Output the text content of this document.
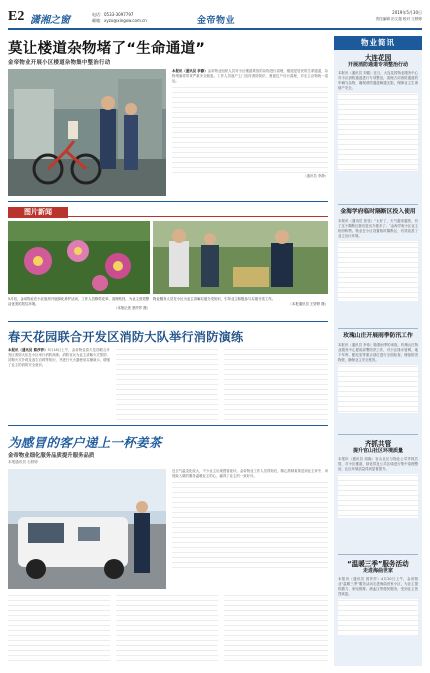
E2 潇湘之窗
电话：0533-3097797
邮箱：xyzx@xingxw.com.cn	金帝物业
2019年5月30日
责任编辑 田文超 校对 王婷婷
莫让楼道杂物堵了“生命通道”
金帝物业开展小区楼道杂物集中整治行动
本报讯（通讯员 李静）金帝物业组织人员对小区楼道堆放的杂物进行清理，楼道是居民的生命通道，杂物堵塞将带来严重安全隐患。工作人员逐户上门宣传消防知识，督促住户自行清理，对无主杂物统一清运。
（通讯员 李静）
图片新闻
5月初，金帝物业在小区组织开展绿化养护活动，工作人员修剪花草、清理枯枝，为业主营造整洁优美的居住环境。
（本报记者 蔡莎莎 摄）
物业服务人员在小区为业主讲解垃圾分类知识，引导业主积极参与垃圾分类工作。
（本报通讯员 王婷婷 摄）
春天花园联合开发区消防大队举行消防演练
本报讯（通讯员 蔡莎莎）5月18日上午，金帝物业春天花园联合开发区消防大队在小区举行消防演练。消防官兵为业主讲解火灾预防、初期火灾扑救及逃生自救等知识，并进行灭火器使用实操演示，增强了业主的消防安全意识。
为感冒的客户递上一杯姜茶
金帝物业细化服务品质提升服务品质
本报通讯员 石婷婷
近日气温变化较大，不少业主出现感冒症状。金帝物业工作人员得知后，精心熬制姜茶送到业主家中，用细致入微的服务温暖业主的心，赢得了业主的一致好评。
物业简讯
大连花园
开展消防通道专项整治行动
本报讯（通讯员 刘健）近日，大连花园物业服务中心对小区消防通道进行专项整治，清理占用消防通道的车辆与杂物，确保消防通道畅通无阻，保障业主生命财产安全。
金海学府临时隔断区投入使用
本报讯（通讯员 张莹）“太好了，天气越来越热，有了这个隔断区我们进出方便多了。”金海学府小区业主纷纷称赞。物业在小区设置临时隔断区，有效改善了业主出行环境。
玫瑰山庄开展雨季防汛工作
本报讯（通讯员 李伟）随着雨季的来临，玫瑰山庄物业服务中心提前部署防汛工作，对小区排水管网、地下车库、配电室等重点部位进行全面检查，储备防汛物资，确保业主安全度汛。
齐抓共管
提升官山社区环境质量
本报讯（通讯员 周晓）官山社区与物业公司齐抓共管，对小区楼道、绿化带及公共区域进行集中清理整治，社区环境质量得到显著提升。
“温暖三季”服务活动
走进海曲世家
本报讯（通讯员 郭莎莎）4月20日上午，金帝物业“温暖三季”服务活动走进海曲世家小区，为业主提供磨刀、家电维修、测血压等便民服务，受到业主热烈欢迎。
